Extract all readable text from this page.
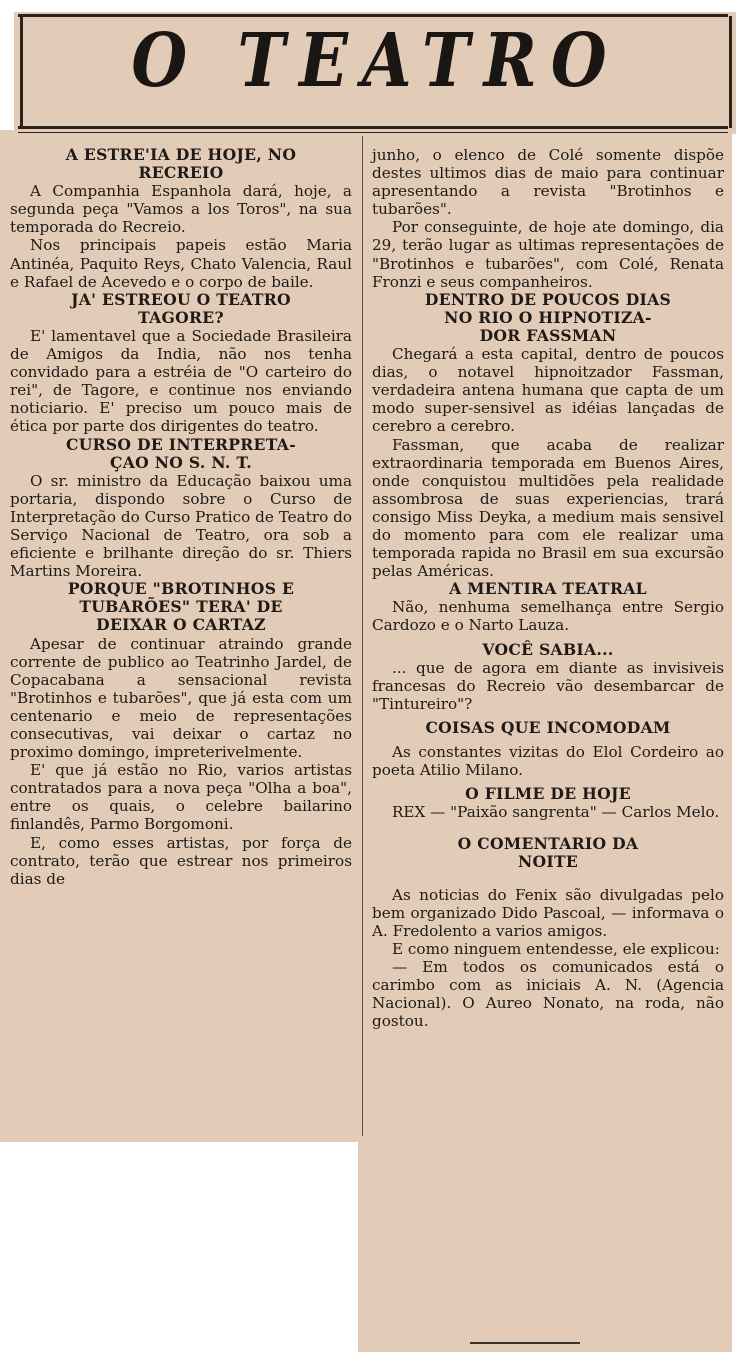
O TEATRO
A ESTRE'IA DE HOJE, NO
RECREIO

A Companhia Espanhola dará, hoje, a segunda peça "Vamos a los Toros", na sua temporada do Recreio.

Nos principais papeis estão Maria Antinéa, Paquito Reys, Chato Valencia, Raul e Rafael de Acevedo e o corpo de baile.

JA' ESTREOU O TEATRO
TAGORE?

E' lamentavel que a Sociedade Brasileira de Amigos da India, não nos tenha convidado para a estréia de "O carteiro do rei", de Tagore, e continue nos enviando noticiario. E' preciso um pouco mais de ética por parte dos dirigentes do teatro.

CURSO DE INTERPRETA-
ÇAO NO S. N. T.

O sr. ministro da Educação baixou uma portaria, dispondo sobre o Curso de Interpretação do Curso Pratico de Teatro do Serviço Nacional de Teatro, ora sob a eficiente e brilhante direção do sr. Thiers Martins Moreira.

PORQUE "BROTINHOS E
TUBARÕES" TERA' DE
DEIXAR O CARTAZ

Apesar de continuar atraindo grande corrente de publico ao Teatrinho Jardel, de Copacabana a sensacional revista "Brotinhos e tubarões", que já esta com um centenario e meio de representações consecutivas, vai deixar o cartaz no proximo domingo, impreterivelmente.

E' que já estão no Rio, varios artistas contratados para a nova peça "Olha a boa", entre os quais, o celebre bailarino finlandês, Parmo Borgomoni.

E, como esses artistas, por força de contrato, terão que estrear nos primeiros dias de

junho, o elenco de Colé somente dispõe destes ultimos dias de maio para continuar apresentando a revista "Brotinhos e tubarões".

Por conseguinte, de hoje ate domingo, dia 29, terão lugar as ultimas representações de "Brotinhos e tubarões", com Colé, Renata Fronzi e seus companheiros.

DENTRO DE POUCOS DIAS
NO RIO O HIPNOTIZA-
DOR FASSMAN

Chegará a esta capital, dentro de poucos dias, o notavel hipnoitzador Fassman, verdadeira antena humana que capta de um modo super-sensivel as idéias lançadas de cerebro a cerebro.

Fassman, que acaba de realizar extraordinaria temporada em Buenos Aires, onde conquistou multidões pela realidade assombrosa de suas experiencias, trará consigo Miss Deyka, a medium mais sensivel do momento para com ele realizar uma temporada rapida no Brasil em sua excursão pelas Américas.

A MENTIRA TEATRAL

Não, nenhuma semelhança entre Sergio Cardozo e o Narto Lauza.

VOCÊ SABIA...

... que de agora em diante as invisiveis francesas do Recreio vão desembarcar de "Tintureiro"?

COISAS QUE INCOMODAM

As constantes vizitas do Elol Cordeiro ao poeta Atilio Milano.

O FILME DE HOJE

REX — "Paixão sangrenta" — Carlos Melo.

O COMENTARIO DA
NOITE

As noticias do Fenix são divulgadas pelo bem organizado Dido Pascoal, — informava o A. Fredolento a varios amigos.

E como ninguem entendesse, ele explicou:

— Em todos os comunicados está o carimbo com as iniciais A. N. (Agencia Nacional). O Aureo Nonato, na roda, não gostou.
